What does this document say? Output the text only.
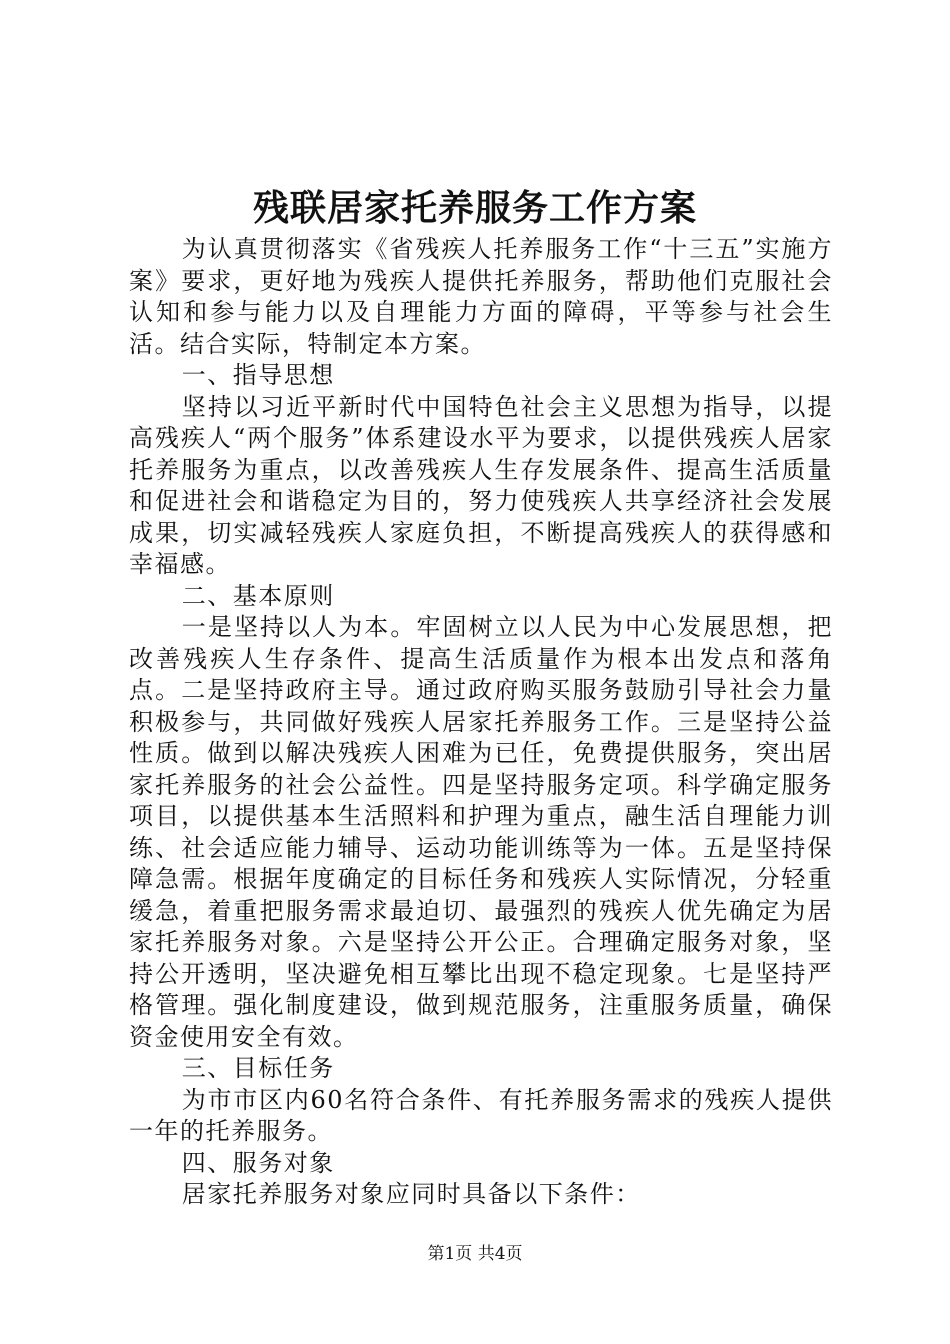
残联居家托养服务工作方案

为认真贯彻落实《省残疾人托养服务工作“十三五”实施方案》要求，更好地为残疾人提供托养服务，帮助他们克服社会认知和参与能力以及自理能力方面的障碍，平等参与社会生活。结合实际，特制定本方案。

一、指导思想

坚持以习近平新时代中国特色社会主义思想为指导，以提高残疾人“两个服务”体系建设水平为要求，以提供残疾人居家托养服务为重点，以改善残疾人生存发展条件、提高生活质量和促进社会和谐稳定为目的，努力使残疾人共享经济社会发展成果，切实减轻残疾人家庭负担，不断提高残疾人的获得感和幸福感。

二、基本原则

一是坚持以人为本。牢固树立以人民为中心发展思想，把改善残疾人生存条件、提高生活质量作为根本出发点和落角点。二是坚持政府主导。通过政府购买服务鼓励引导社会力量积极参与，共同做好残疾人居家托养服务工作。三是坚持公益性质。做到以解决残疾人困难为已任，免费提供服务，突出居家托养服务的社会公益性。四是坚持服务定项。科学确定服务项目，以提供基本生活照料和护理为重点，融生活自理能力训练、社会适应能力辅导、运动功能训练等为一体。五是坚持保障急需。根据年度确定的目标任务和残疾人实际情况，分轻重缓急，着重把服务需求最迫切、最强烈的残疾人优先确定为居家托养服务对象。六是坚持公开公正。合理确定服务对象，坚持公开透明，坚决避免相互攀比出现不稳定现象。七是坚持严格管理。强化制度建设，做到规范服务，注重服务质量，确保资金使用安全有效。

三、目标任务

为市市区内60名符合条件、有托养服务需求的残疾人提供一年的托养服务。

四、服务对象

居家托养服务对象应同时具备以下条件：

第1页 共4页
